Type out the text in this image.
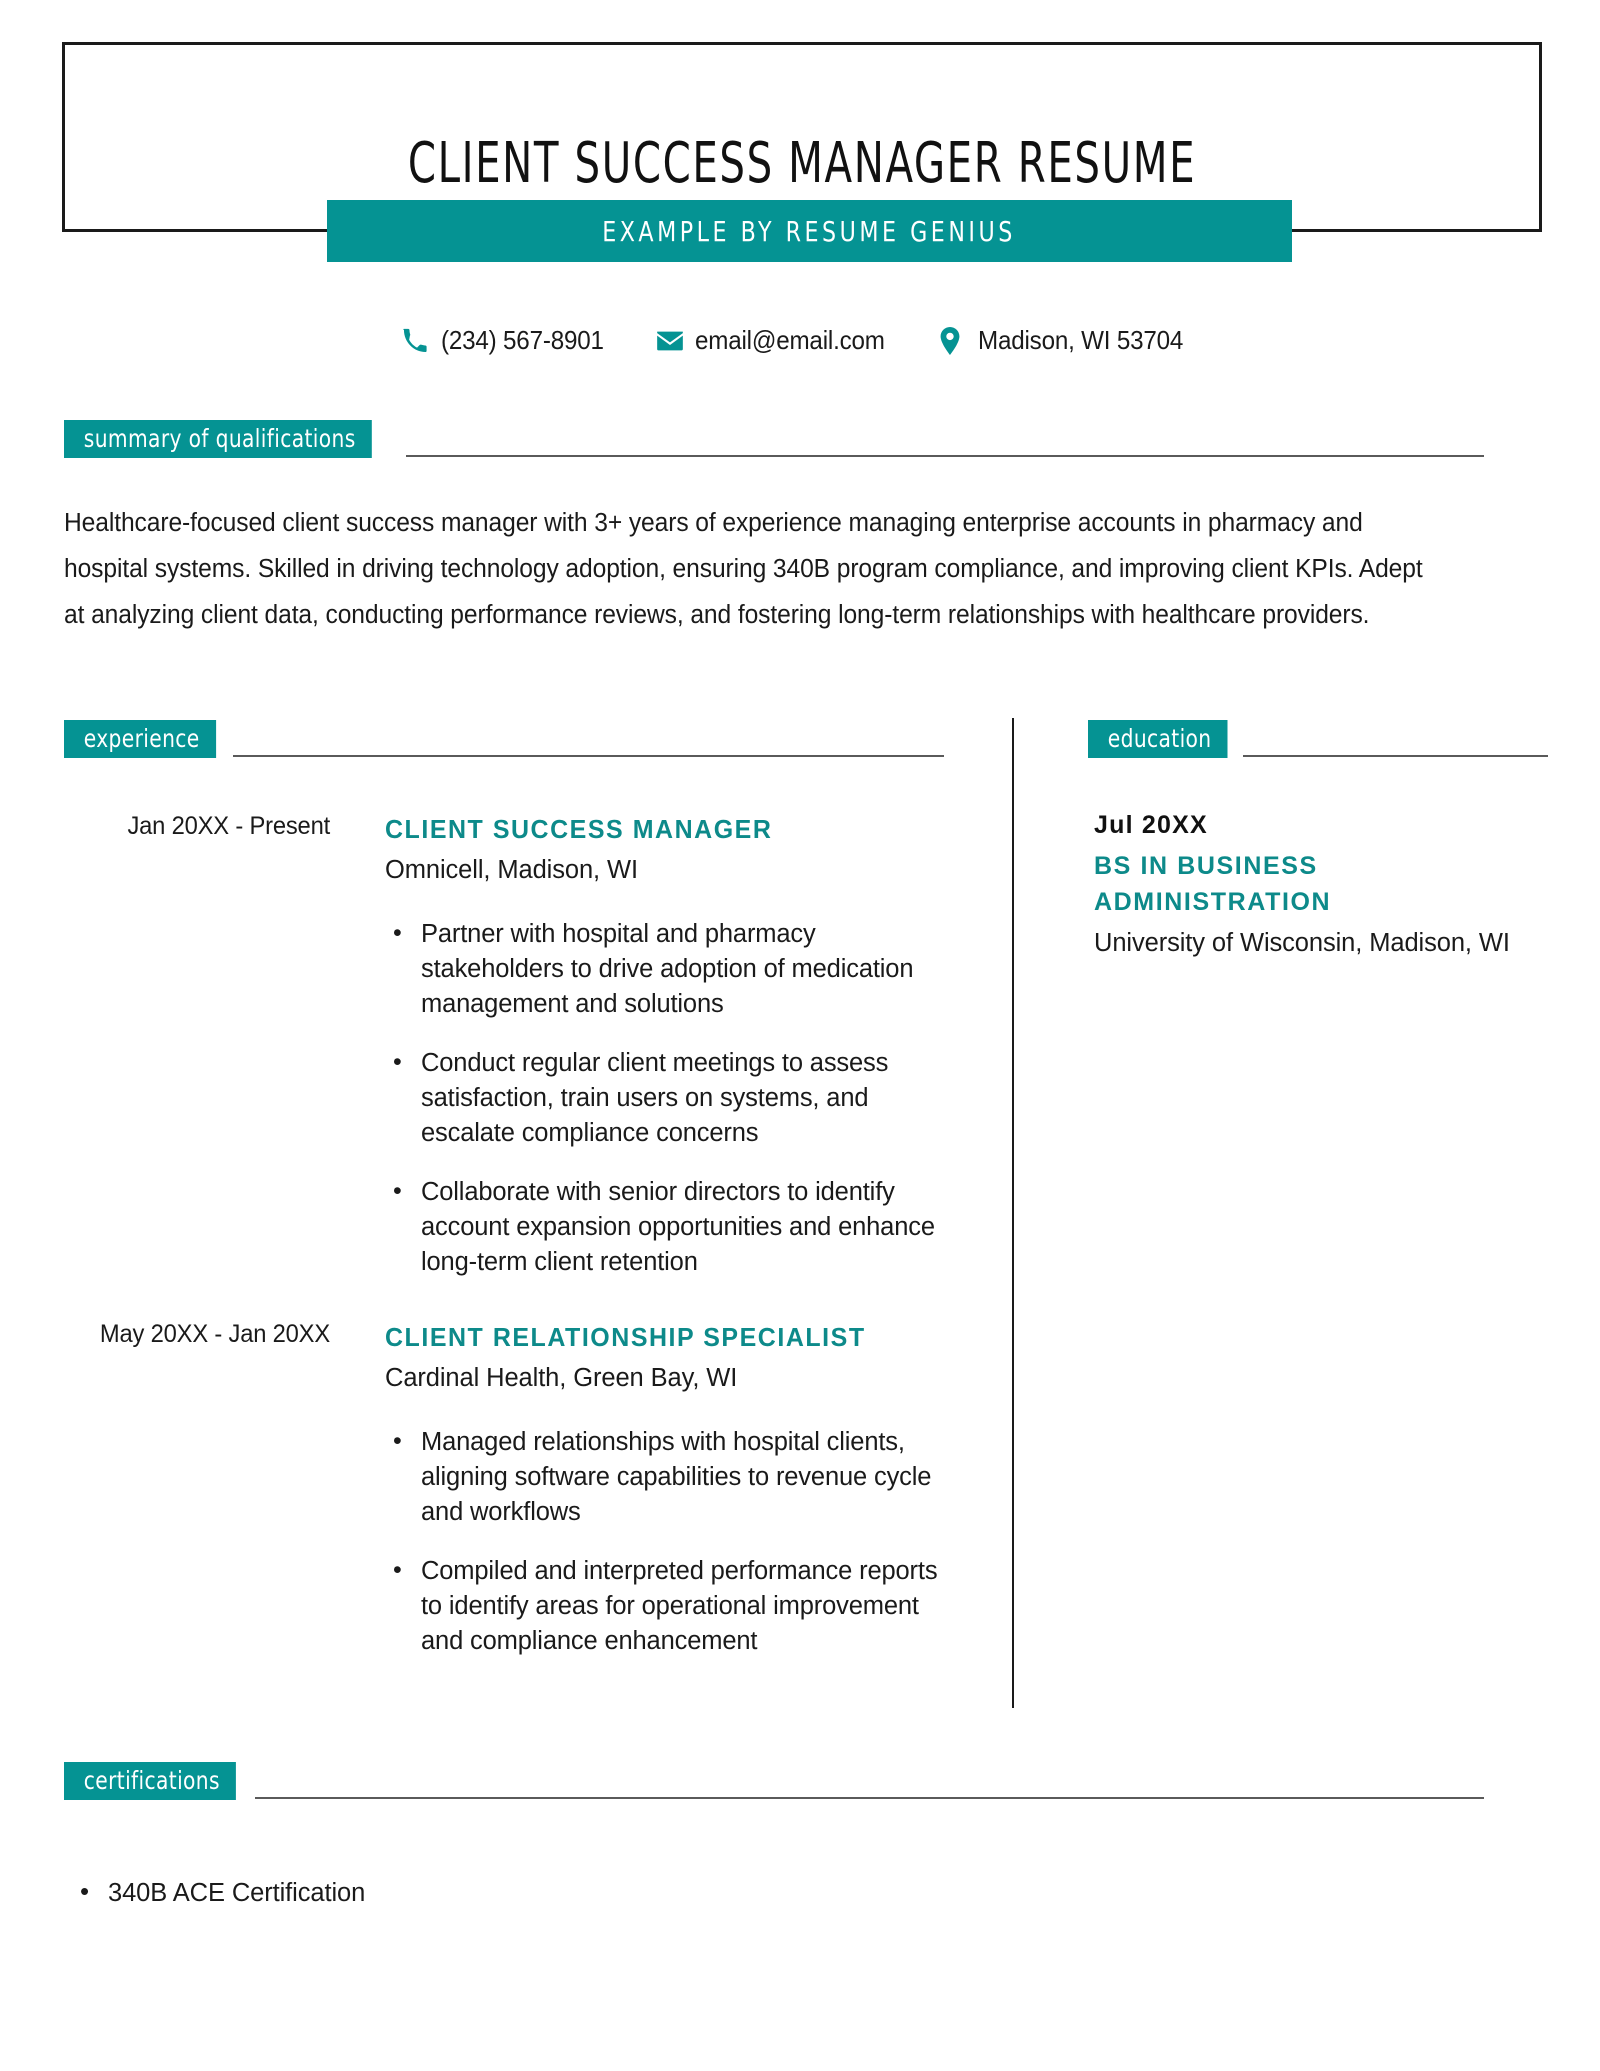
CLIENT SUCCESS MANAGER RESUME
EXAMPLE BY RESUME GENIUS
(234) 567-8901	email@email.com	Madison, WI 53704
summary of qualifications
Healthcare-focused client success manager with 3+ years of experience managing enterprise accounts in pharmacy and hospital systems. Skilled in driving technology adoption, ensuring 340B program compliance, and improving client KPIs. Adept at analyzing client data, conducting performance reviews, and fostering long-term relationships with healthcare providers.
experience	education
Jan 20XX - Present CLIENT SUCCESS MANAGER
Omnicell, Madison, WI
• Partner with hospital and pharmacy stakeholders to drive adoption of medication management and solutions
• Conduct regular client meetings to assess satisfaction, train users on systems, and escalate compliance concerns
• Collaborate with senior directors to identify account expansion opportunities and enhance long-term client retention
May 20XX - Jan 20XX CLIENT RELATIONSHIP SPECIALIST
Cardinal Health, Green Bay, WI
• Managed relationships with hospital clients, aligning software capabilities to revenue cycle and workflows
• Compiled and interpreted performance reports to identify areas for operational improvement and compliance enhancement
Jul 20XX
BS IN BUSINESS ADMINISTRATION
University of Wisconsin, Madison, WI
certifications
• 340B ACE Certification
